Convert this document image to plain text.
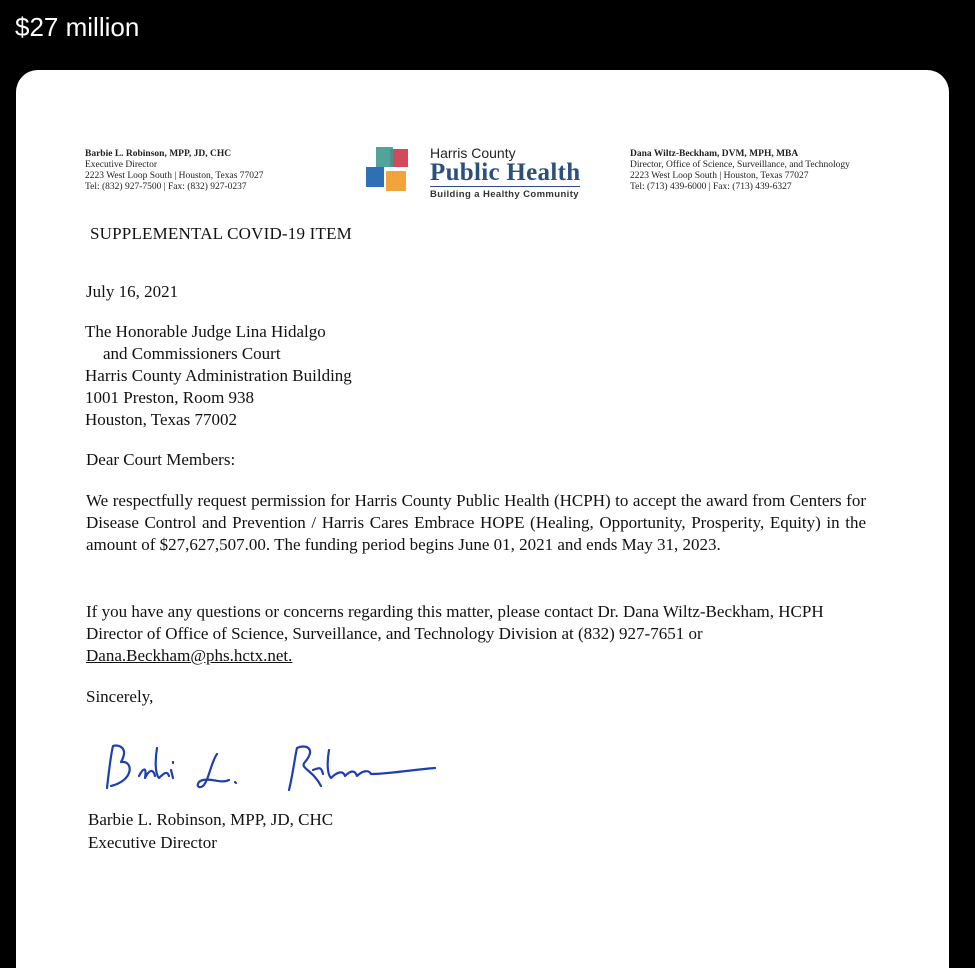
$27 million
Barbie L. Robinson, MPP, JD, CHC
Executive Director
2223 West Loop South | Houston, Texas 77027
Tel: (832) 927-7500 | Fax: (832) 927-0237
Harris County
Public Health
Building a Healthy Community
Dana Wiltz-Beckham, DVM, MPH, MBA
Director, Office of Science, Surveillance, and Technology
2223 West Loop South | Houston, Texas 77027
Tel: (713) 439-6000 | Fax: (713) 439-6327
SUPPLEMENTAL COVID-19 ITEM
July 16, 2021
The Honorable Judge Lina Hidalgo
and Commissioners Court
Harris County Administration Building
1001 Preston, Room 938
Houston, Texas 77002
Dear Court Members:
We respectfully request permission for Harris County Public Health (HCPH) to accept the award from Centers for Disease Control and Prevention / Harris Cares Embrace HOPE (Healing, Opportunity, Prosperity, Equity) in the amount of $27,627,507.00. The funding period begins June 01, 2021 and ends May 31, 2023.
If you have any questions or concerns regarding this matter, please contact Dr. Dana Wiltz-Beckham, HCPH Director of Office of Science, Surveillance, and Technology Division at (832) 927-7651 or Dana.Beckham@phs.hctx.net.
Sincerely,
Barbie L. Robinson, MPP, JD, CHC
Executive Director
